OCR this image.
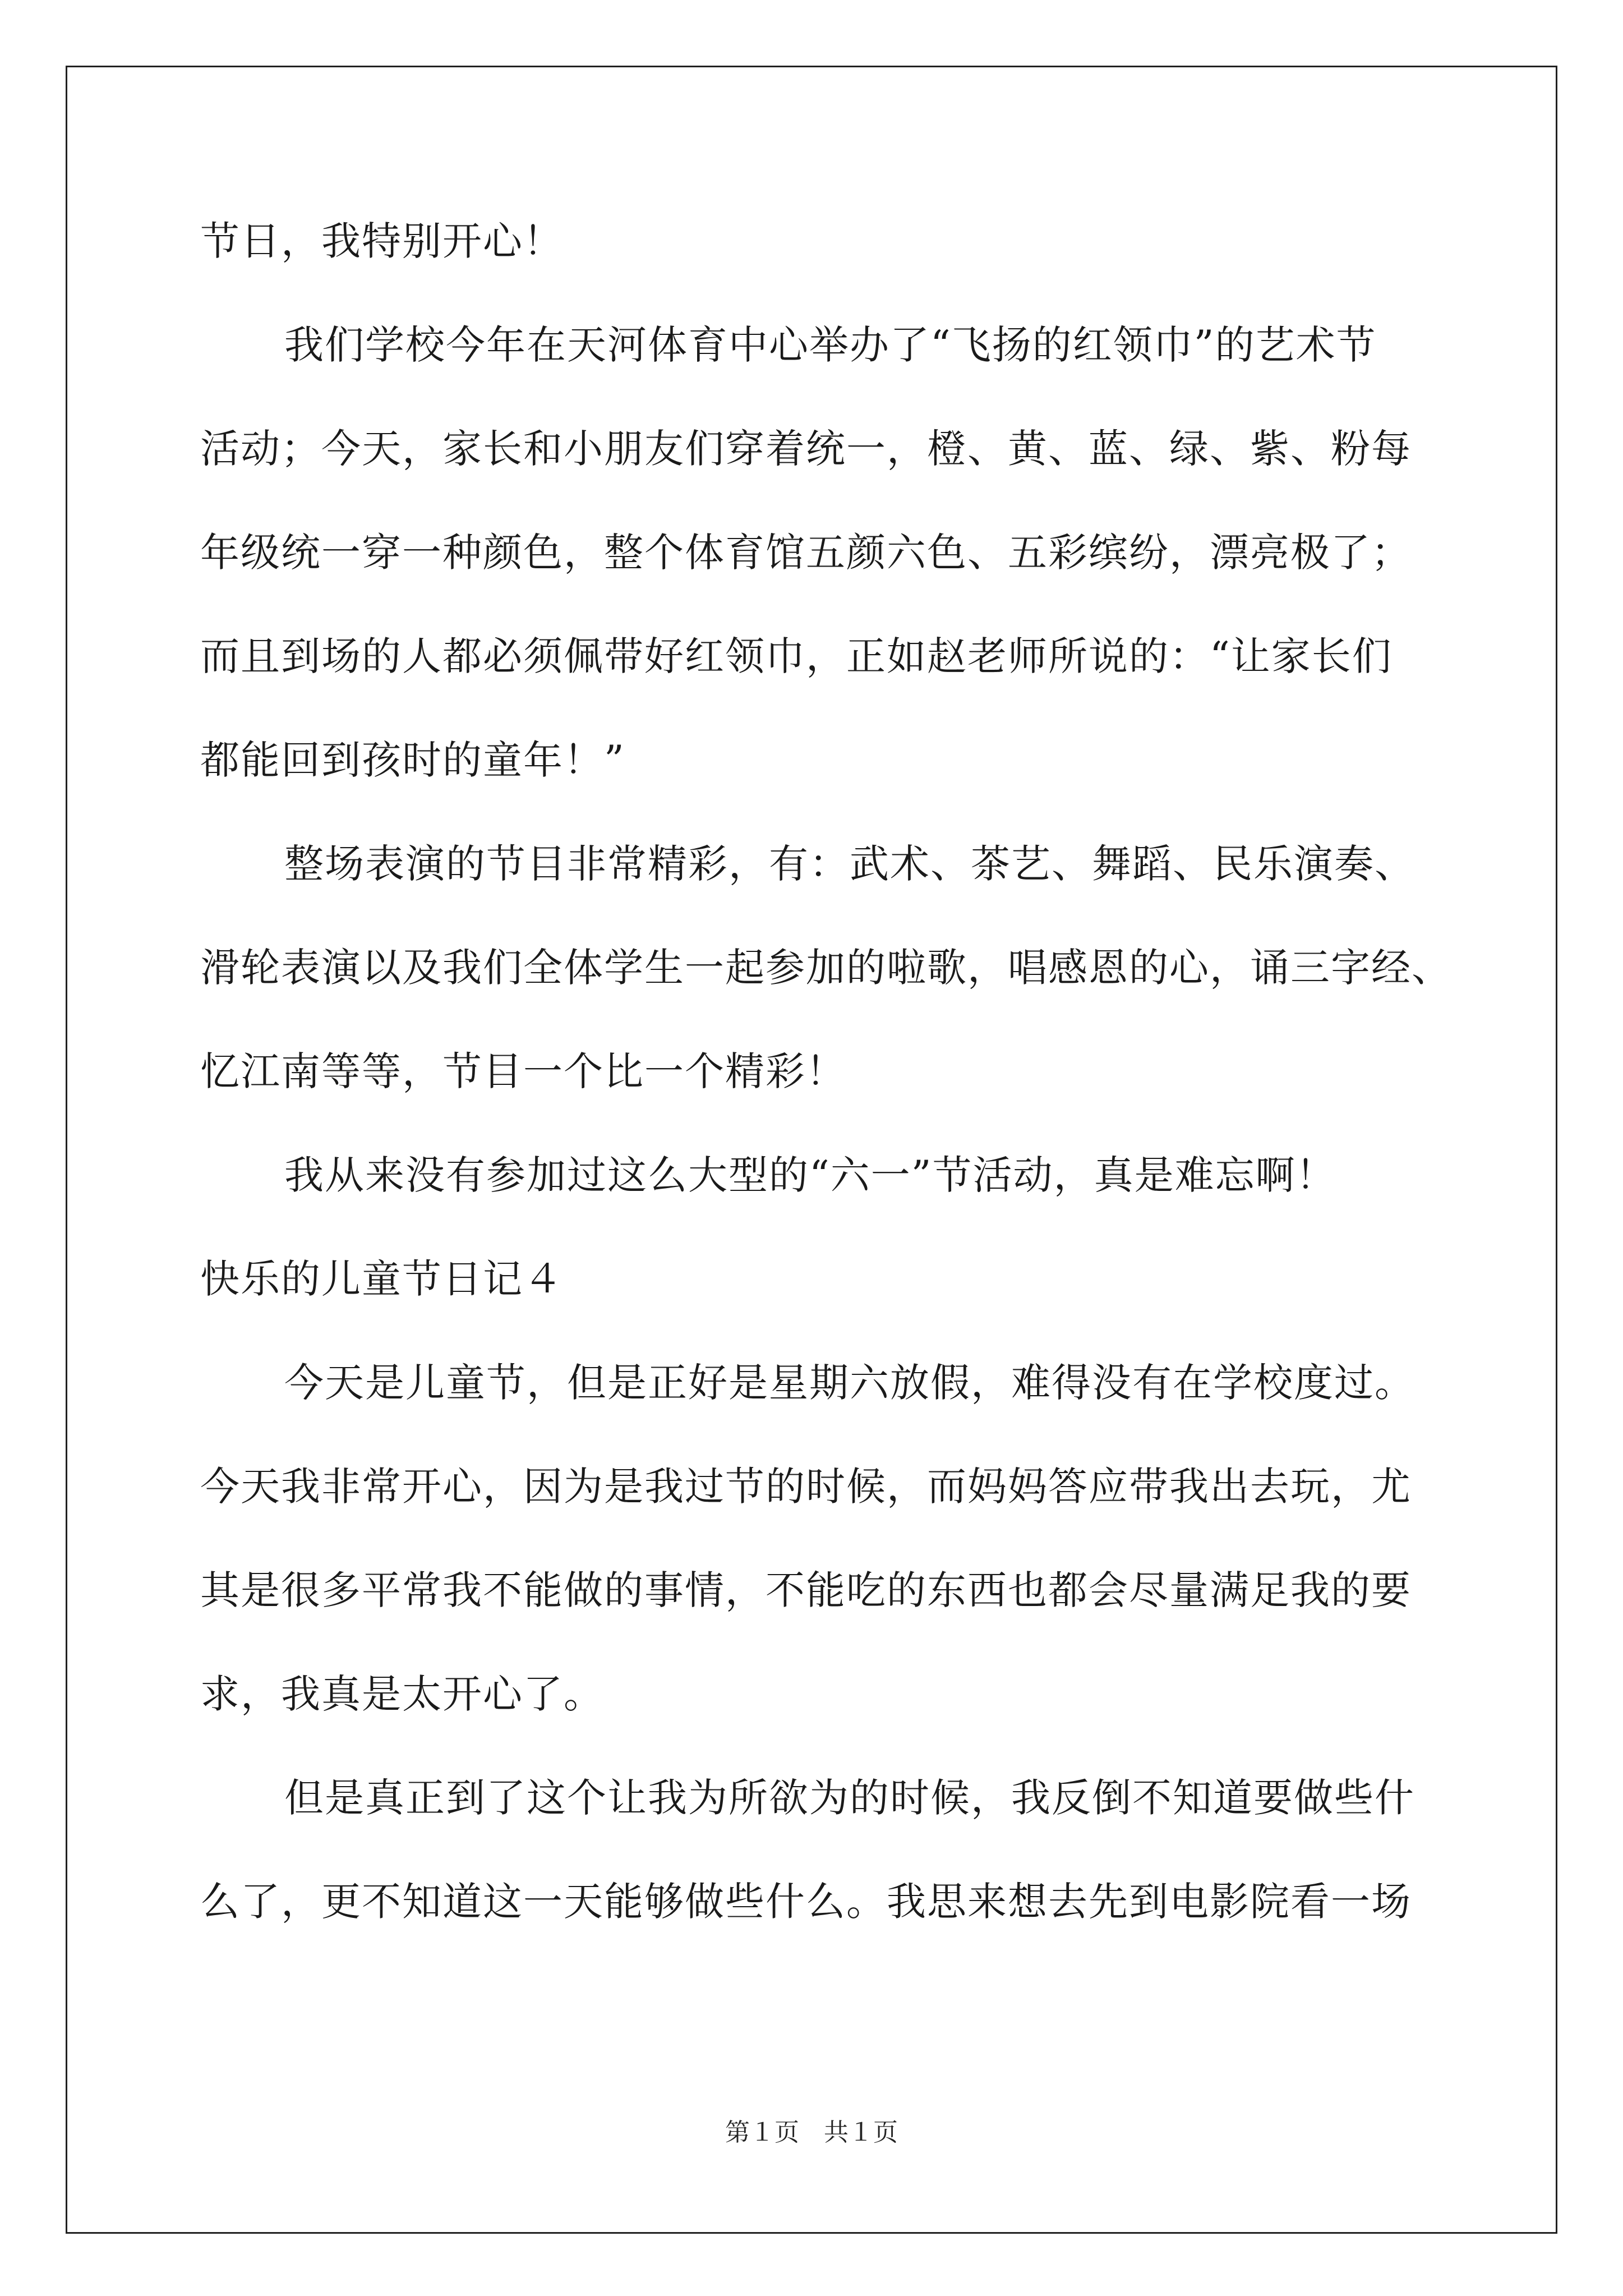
节日，我特别开心！
我们学校今年在天河体育中心举办了“飞扬的红领巾”的艺术节
活动；今天，家长和小朋友们穿着统一，橙、黄、蓝、绿、紫、粉每
年级统一穿一种颜色，整个体育馆五颜六色、五彩缤纷，漂亮极了；
而且到场的人都必须佩带好红领巾，正如赵老师所说的：“让家长们
都能回到孩时的童年！”
整场表演的节目非常精彩，有：武术、茶艺、舞蹈、民乐演奏、
滑轮表演以及我们全体学生一起参加的啦歌，唱感恩的心，诵三字经、
忆江南等等，节目一个比一个精彩！
我从来没有参加过这么大型的“六一”节活动，真是难忘啊！
快乐的儿童节日记４
今天是儿童节，但是正好是星期六放假，难得没有在学校度过。
今天我非常开心，因为是我过节的时候，而妈妈答应带我出去玩，尤
其是很多平常我不能做的事情，不能吃的东西也都会尽量满足我的要
求，我真是太开心了。
但是真正到了这个让我为所欲为的时候，我反倒不知道要做些什
么了，更不知道这一天能够做些什么。我思来想去先到电影院看一场
第１页　共１页
